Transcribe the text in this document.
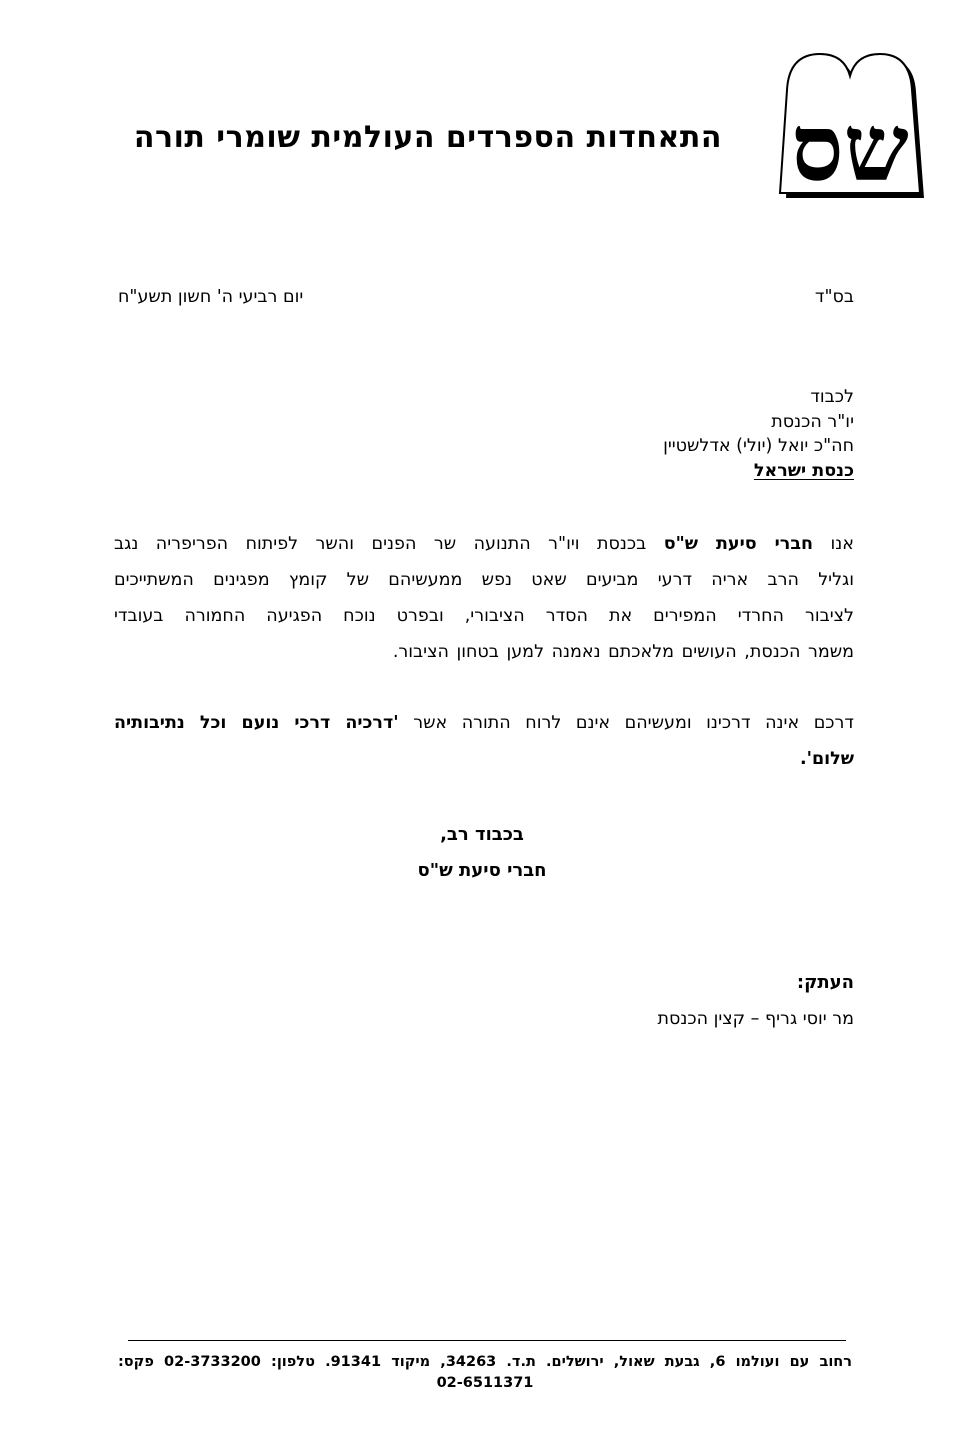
שס
התאחדות הספרדים העולמית שומרי תורה
בס"ד
יום רביעי ה' חשון תשע"ח
לכבוד
יו"ר הכנסת
חה"כ יואל (יולי) אדלשטיין
כנסת ישראל
אנו חברי סיעת ש"ס בכנסת ויו"ר התנועה שר הפנים והשר לפיתוח הפריפריה נגב
וגליל הרב אריה דרעי מביעים שאט נפש ממעשיהם של קומץ מפגינים המשתייכים
לציבור החרדי המפירים את הסדר הציבורי, ובפרט נוכח הפגיעה החמורה בעובדי
משמר הכנסת, העושים מלאכתם נאמנה למען בטחון הציבור.
דרכם אינה דרכינו ומעשיהם אינם לרוח התורה אשר 'דרכיה דרכי נועם וכל נתיבותיה
שלום'.
בכבוד רב,
חברי סיעת ש"ס
העתק:
מר יוסי גריף – קצין הכנסת
רחוב עם ועולמו 6, גבעת שאול, ירושלים. ת.ד. 34263, מיקוד 91341. טלפון: 02-3733200 פקס:
02-6511371
